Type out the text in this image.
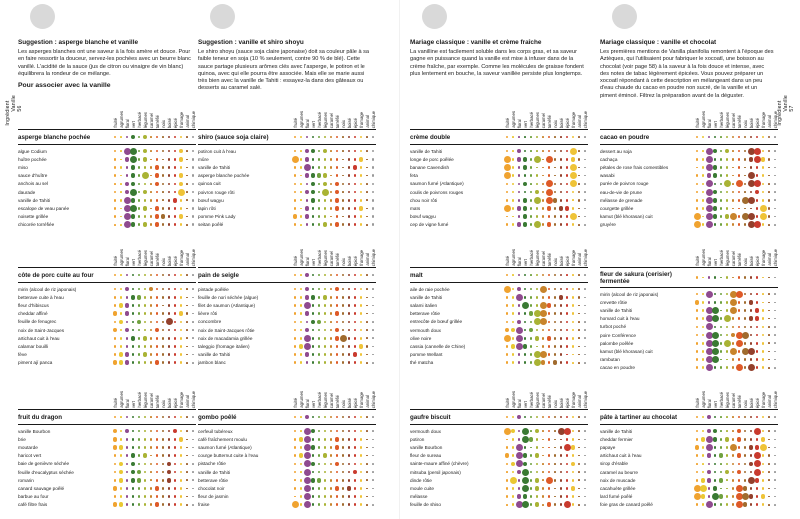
Ingrédient Vanille 56	Ingrédient Vanille 57
Suggestion : asperge blanche et vanille

Les asperges blanches ont une saveur à la fois amère et douce. Pour en faire ressortir la douceur, servez-les pochées avec un beurre blanc vanillé. L'acidité de la sauce (jus de citron ou vinaigre de vin blanc) équilibrera la rondeur de ce mélange.

Suggestion : vanille et shiro shoyu

Le shiro shoyu (sauce soja claire japonaise) doit sa couleur pâle à sa faible teneur en soja (10 % seulement, contre 90 % de blé). Cette sauce partage plusieurs arômes clés avec l'asperge, le potiron et le quinoa, avec qui elle pourra être associée. Mais elle se marie aussi très bien avec la vanille de Tahiti : essayez-la dans des gâteaux ou desserts au caramel salé.

Mariage classique : vanille et crème fraîche

La vanilline est facilement soluble dans les corps gras, et sa saveur gagne en puissance quand la vanille est mise à infuser dans de la crème fraîche, par exemple. Comme les molécules de graisse fondent plus lentement en bouche, la saveur vanillée persiste plus longtemps.

Mariage classique : vanille et chocolat

Les premières mentions de Vanilla planifolia remontent à l'époque des Aztèques, qui l'utilisaient pour fabriquer le xocoatl, une boisson au chocolat (voir page 58) à la saveur à la fois douce et intense, avec des notes de tabac légèrement épicées. Vous pouvez préparer un xocoatl répondant à cette description en mélangeant dans un peu d'eau chaude du cacao en poudre non sucré, de la vanille et un piment émincé. Filtrez la préparation avant de la déguster.

Pour associer avec la vanille
fruité agrumes floral vert herbacé légumes caramel torréfié noix boisé épicé fromage animal chimique
asperge blanche pochée
algue Codium
huître pochée
miso
sauce d'huître
anchois au sel
daurade
vanille de Tahiti
escalope de veau panée
noisette grillée
chicorée torréfiée
fruité agrumes floral vert herbacé légumes caramel torréfié noix boisé épicé fromage animal chimique
shiro (sauce soja claire)
potiron cuit à l'eau
mûre
vanille de Tahiti
asperge blanche pochée
quinoa cuit
poivron rouge rôti
bœuf wagyu
lapin rôti
pomme Pink Lady
seitan poêlé
fruité agrumes floral vert herbacé légumes caramel torréfié noix boisé épicé fromage animal chimique
côte de porc cuite au four
mirin (alcool de riz japonais)
betterave cuite à l'eau
fleur d'hibiscus
cheddar affiné
feuille de fenugrec
noix de Saint-Jacques
artichaut cuit à l'eau
calamar bouilli
fève
piment ají panca
fruité agrumes floral vert herbacé légumes caramel torréfié noix boisé épicé fromage animal chimique
pain de seigle
pintade poêlée
feuille de nori séchée (algue)
filet de saumon (Atlantique)
lièvre rôti
concombre
noix de Saint-Jacques rôtie
noix de macadamia grillée
taleggio (fromage italien)
vanille de Tahiti
jambon blanc
fruité agrumes floral vert herbacé légumes caramel torréfié noix boisé épicé fromage animal chimique
fruit du dragon
vanille Bourbon
brie
moutarde
haricot vert
baie de genièvre séchée
feuille d'eucalyptus séchée
romarin
canard sauvage poêlé
barbue au four
café filtre frais
fruité agrumes floral vert herbacé légumes caramel torréfié noix boisé épicé fromage animal chimique
gombo poêlé
cerfeuil tubéreux
café fraîchement moulu
saumon fumé (Atlantique)
courge butternut cuite à l'eau
pistache rôtie
vanille de Tahiti
betterave rôtie
chocolat noir
fleur de jasmin
fraise
fruité agrumes floral vert herbacé légumes caramel torréfié noix boisé épicé fromage animal chimique
crème double
vanille de Tahiti
longe de porc poêlée
banane Cavendish
feta
saumon fumé (Atlantique)
coulis de poivrons rouges
chou noir rôti
maïs
bœuf wagyu
cep de vigne fumé
fruité agrumes floral vert herbacé légumes caramel torréfié noix boisé épicé fromage animal chimique
cacao en poudre
dessert au soja
cachaça
pétales de rose frais comestibles
wasabi
purée de poivron rouge
eau-de-vie de prune
mélasse de grenade
courgette grillée
kamut (blé khorasan) cuit
gruyère
fruité agrumes floral vert herbacé légumes caramel torréfié noix boisé épicé fromage animal chimique
malt
aile de raie pochée
vanille de Tahiti
salami italien
betterave rôtie
entrecôte de bœuf grillée
vermouth doux
olive noire
cassia (cannelle de Chine)
pomme Wellant
thé matcha
fruité agrumes floral vert herbacé légumes caramel torréfié noix boisé épicé fromage animal chimique
fleur de sakura (cerisier) fermentée
mirin (alcool de riz japonais)
crevette rôtie
vanille de Tahiti
homard cuit à l'eau
turbot poché
poire Conférence
palombe poêlée
kamut (blé khorasan) cuit
rambutan
cacao en poudre
fruité agrumes floral vert herbacé légumes caramel torréfié noix boisé épicé fromage animal chimique
gaufre biscuit
vermouth doux
potiron
vanille Bourbon
fleur de sureau
sainte-maure affiné (chèvre)
mitsuba (persil japonais)
dinde rôtie
moule cuite
mélasse
feuille de shiso
fruité agrumes floral vert herbacé légumes caramel torréfié noix boisé épicé fromage animal chimique
pâte à tartiner au chocolat
vanille de Tahiti
cheddar fermier
papaye
artichaut cuit à l'eau
sirop d'érable
caramel au beurre
noix de muscade
cacahuète grillée
lard fumé poêlé
foie gras de canard poêlé
